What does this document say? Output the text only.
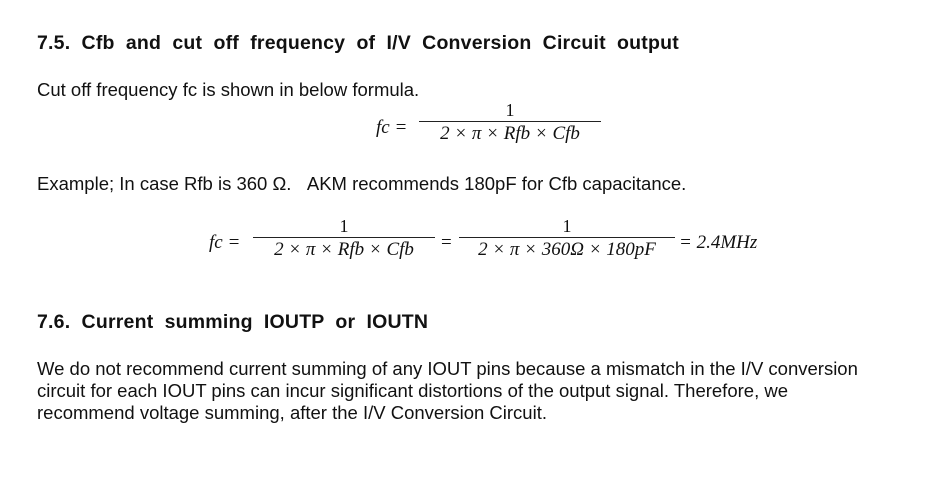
7.5.  Cfb  and  cut  off  frequency  of  I/V  Conversion  Circuit  output

Cut off frequency fc is shown in below formula.

fc =
1
2 × π × Rfb × Cfb

Example; In case Rfb is 360 Ω.   AKM recommends 180pF for Cfb capacitance.

fc =
1
2 × π × Rfb × Cfb =
1
2 × π × 360Ω × 180pF = 2.4MHz
7.6.  Current  summing  IOUTP  or  IOUTN

We do not recommend current summing of any IOUT pins because a mismatch in the I/V conversion

circuit for each IOUT pins can incur significant distortions of the output signal. Therefore, we

recommend voltage summing, after the I/V Conversion Circuit.
